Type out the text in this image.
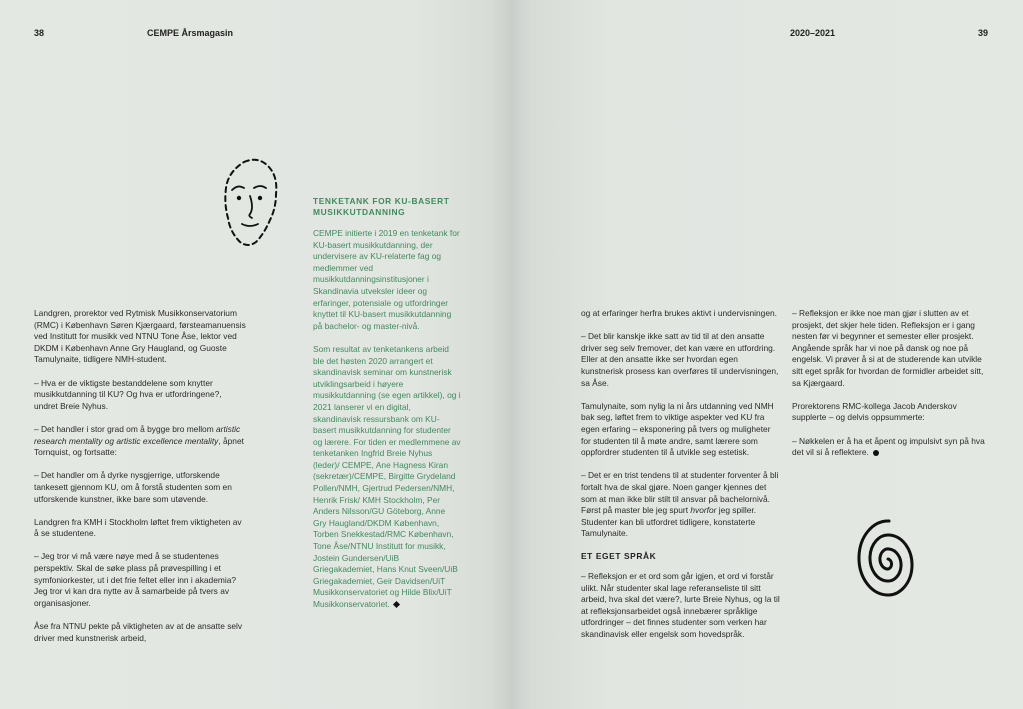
38	CEMPE Årsmagasin	2020–2021	39

Landgren, prorektor ved Rytmisk Musikkonservatorium (RMC) i København Søren Kjærgaard, førsteamanuensis ved Institutt for musikk ved NTNU Tone Åse, lektor ved DKDM i København Anne Gry Haugland, og Guoste Tamulynaite, tidligere NMH-student.

– Hva er de viktigste bestanddelene som knytter musikkutdanning til KU? Og hva er utfordringene?, undret Breie Nyhus.

– Det handler i stor grad om å bygge bro mellom artistic research mentality og artistic excellence mentality, åpnet Tornquist, og fortsatte:

– Det handler om å dyrke nysgjerrige, utforskende tankesett gjennom KU, om å forstå studenten som en utforskende kunstner, ikke bare som utøvende.

Landgren fra KMH i Stockholm løftet frem viktigheten av å se studentene.

– Jeg tror vi må være nøye med å se studentenes perspektiv. Skal de søke plass på prøvespilling i et symfoniorkester, ut i det frie feltet eller inn i akademia? Jeg tror vi kan dra nytte av å samarbeide på tvers av organisasjoner.

Åse fra NTNU pekte på viktigheten av at de ansatte selv driver med kunstnerisk arbeid,

TENKETANK FOR KU-BASERT MUSIKKUTDANNING

CEMPE initierte i 2019 en tenketank for KU-basert musikkutdanning, der undervisere av KU-relaterte fag og medlemmer ved musikkutdanningsinstitusjoner i Skandinavia utveksler ideer og erfaringer, potensiale og utfordringer knyttet til KU-basert musikkutdanning på bachelor- og master-nivå.

Som resultat av tenketankens arbeid ble det høsten 2020 arrangert et skandinavisk seminar om kunstnerisk utviklingsarbeid i høyere musikkutdanning (se egen artikkel), og i 2021 lanserer vi en digital, skandinavisk ressursbank om KU-basert musikkutdanning for studenter og lærere. For tiden er medlemmene av tenketanken Ingfrid Breie Nyhus (leder)/ CEMPE, Ane Hagness Kiran (sekretær)/CEMPE, Birgitte Grydeland Pollen/NMH, Gjertrud Pedersen/NMH, Henrik Frisk/ KMH Stockholm, Per Anders Nilsson/GU Göteborg, Anne Gry Haugland/DKDM København, Torben Snekkestad/RMC København, Tone Åse/NTNU Institutt for musikk, Jostein Gundersen/UiB Griegakademiet, Hans Knut Sveen/UiB Griegakademiet, Geir Davidsen/UiT Musikkonservatoriet og Hilde Blix/UiT Musikkonservatoriet.

og at erfaringer herfra brukes aktivt i undervisningen.

– Det blir kanskje ikke satt av tid til at den ansatte driver seg selv fremover, det kan være en utfordring. Eller at den ansatte ikke ser hvordan egen kunstnerisk prosess kan overføres til undervisningen, sa Åse.

Tamulynaite, som nylig la ni års utdanning ved NMH bak seg, løftet frem to viktige aspekter ved KU fra egen erfaring – eksponering på tvers og muligheter for studenten til å møte andre, samt lærere som oppfordrer studenten til å utvikle seg estetisk.

– Det er en trist tendens til at studenter forventer å bli fortalt hva de skal gjøre. Noen ganger kjennes det som at man ikke blir stilt til ansvar på bachelornivå. Først på master ble jeg spurt hvorfor jeg spiller. Studenter kan bli utfordret tidligere, konstaterte Tamulynaite.

ET EGET SPRÅK

– Refleksjon er et ord som går igjen, et ord vi forstår ulikt. Når studenter skal lage referanseliste til sitt arbeid, hva skal det være?, lurte Breie Nyhus, og la til at refleksjonsarbeidet også innebærer språklige utfordringer – det finnes studenter som verken har skandinavisk eller engelsk som hovedspråk.

– Refleksjon er ikke noe man gjør i slutten av et prosjekt, det skjer hele tiden. Refleksjon er i gang nesten før vi begynner et semester eller prosjekt. Angående språk har vi noe på dansk og noe på engelsk. Vi prøver å si at de studerende kan utvikle sitt eget språk for hvordan de formidler arbeidet sitt, sa Kjærgaard.

Prorektorens RMC-kollega Jacob Anderskov supplerte – og delvis oppsummerte:

– Nøkkelen er å ha et åpent og impulsivt syn på hva det vil si å reflektere.
